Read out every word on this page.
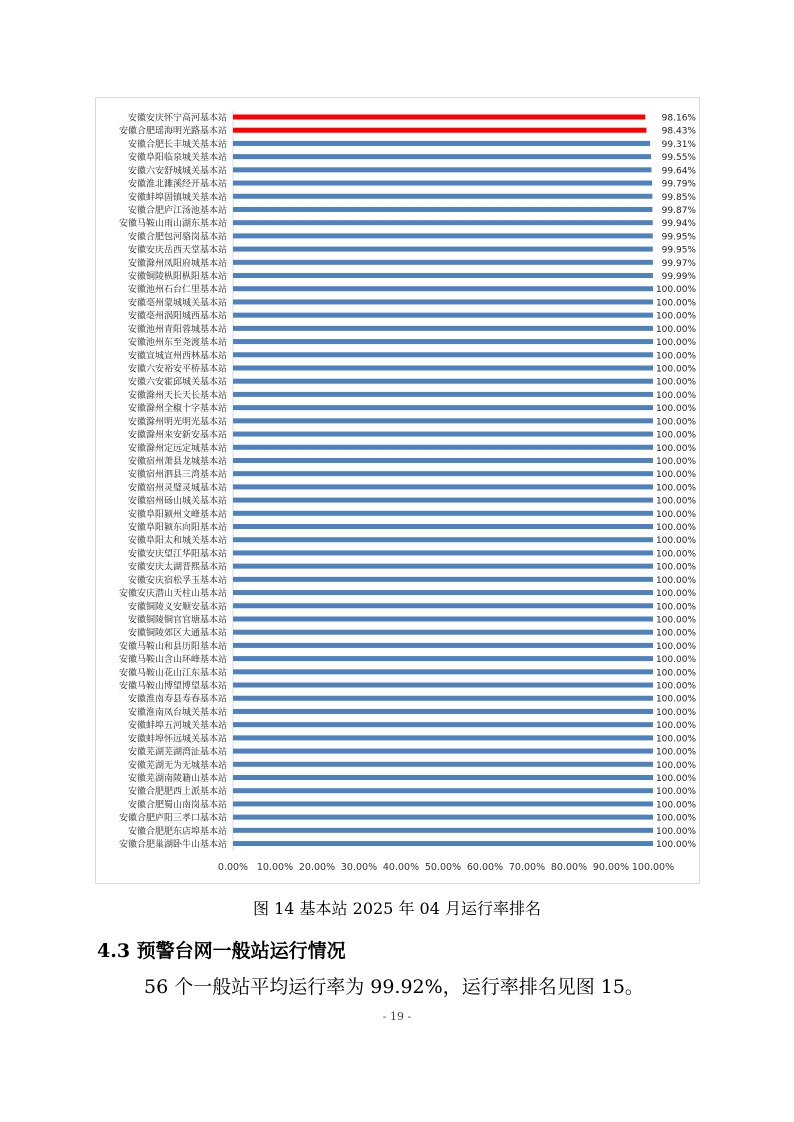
安徽安庆怀宁高河基本站	98.16%
安徽合肥瑶海明光路基本站	98.43%
安徽合肥长丰城关基本站	99.31%
安徽阜阳临泉城关基本站	99.55%
安徽六安舒城城关基本站	99.64%
安徽淮北濉溪经开基本站	99.79%
安徽蚌埠固镇城关基本站	99.85%
安徽合肥庐江汤池基本站	99.87%
安徽马鞍山雨山湖东基本站	99.94%
安徽合肥包河骆岗基本站	99.95%
安徽安庆岳西天堂基本站	99.95%
安徽滁州凤阳府城基本站	99.97%
安徽铜陵枞阳枞阳基本站	99.99%
安徽池州石台仁里基本站	100.00%
安徽亳州蒙城城关基本站	100.00%
安徽亳州涡阳城西基本站	100.00%
安徽池州青阳蓉城基本站	100.00%
安徽池州东至尧渡基本站	100.00%
安徽宣城宣州西林基本站	100.00%
安徽六安裕安平桥基本站	100.00%
安徽六安霍邱城关基本站	100.00%
安徽滁州天长天长基本站	100.00%
安徽滁州全椒十字基本站	100.00%
安徽滁州明光明光基本站	100.00%
安徽滁州来安新安基本站	100.00%
安徽滁州定远定城基本站	100.00%
安徽宿州萧县龙城基本站	100.00%
安徽宿州泗县三湾基本站	100.00%
安徽宿州灵璧灵城基本站	100.00%
安徽宿州砀山城关基本站	100.00%
安徽阜阳颍州文峰基本站	100.00%
安徽阜阳颍东向阳基本站	100.00%
安徽阜阳太和城关基本站	100.00%
安徽安庆望江华阳基本站	100.00%
安徽安庆太湖晋熙基本站	100.00%
安徽安庆宿松孚玉基本站	100.00%
安徽安庆潜山天柱山基本站	100.00%
安徽铜陵义安顺安基本站	100.00%
安徽铜陵铜官官塘基本站	100.00%
安徽铜陵郊区大通基本站	100.00%
安徽马鞍山和县历阳基本站	100.00%
安徽马鞍山含山环峰基本站	100.00%
安徽马鞍山花山江东基本站	100.00%
安徽马鞍山博望博望基本站	100.00%
安徽淮南寿县寿春基本站	100.00%
安徽淮南凤台城关基本站	100.00%
安徽蚌埠五河城关基本站	100.00%
安徽蚌埠怀远城关基本站	100.00%
安徽芜湖芜湖湾沚基本站	100.00%
安徽芜湖无为无城基本站	100.00%
安徽芜湖南陵籍山基本站	100.00%
安徽合肥肥西上派基本站	100.00%
安徽合肥蜀山南岗基本站	100.00%
安徽合肥庐阳三孝口基本站	100.00%
安徽合肥肥东店埠基本站	100.00%
安徽合肥巢湖卧牛山基本站	100.00%
0.00% 10.00% 20.00% 30.00% 40.00% 50.00% 60.00% 70.00% 80.00% 90.00% 100.00%
图 14 基本站 2025 年 04 月运行率排名
4.3 预警台网一般站运行情况
56 个一般站平均运行率为 99.92%，运行率排名见图 15。
- 19 -
